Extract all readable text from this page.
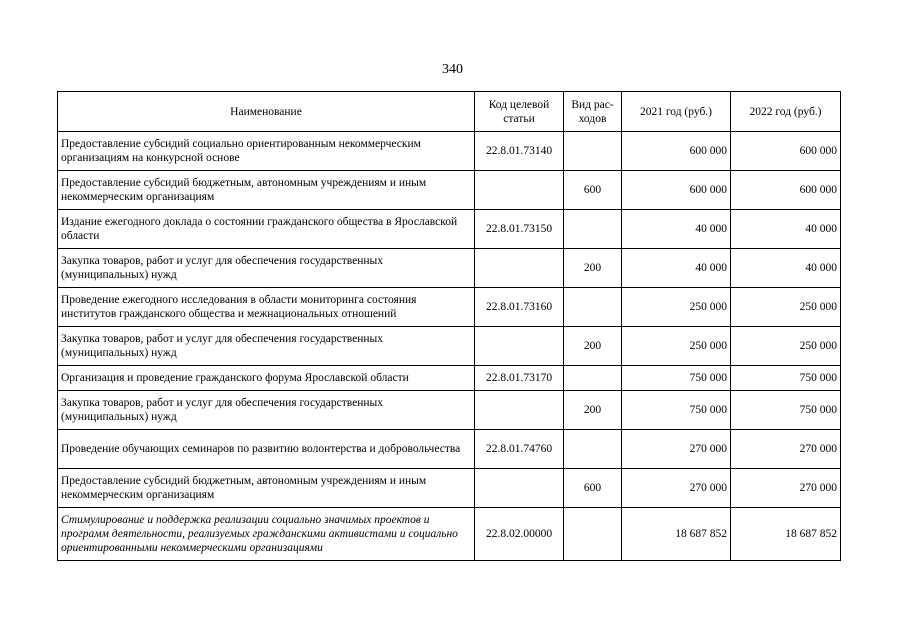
340
Наименование	Код целевой статьи	Вид рас- ходов	2021 год (руб.)	2022 год (руб.)
Предоставление субсидий социально ориентированным некоммерческим организациям на конкурсной основе	22.8.01.73140		600 000	600 000
Предоставление субсидий бюджетным, автономным учреждениям и иным некоммерческим организациям		600	600 000	600 000
Издание ежегодного доклада о состоянии гражданского общества в Ярославской области	22.8.01.73150		40 000	40 000
Закупка товаров, работ и услуг для обеспечения государственных (муниципальных) нужд		200	40 000	40 000
Проведение ежегодного исследования в области мониторинга состояния институтов гражданского общества и межнациональных отношений	22.8.01.73160		250 000	250 000
Закупка товаров, работ и услуг для обеспечения государственных (муниципальных) нужд		200	250 000	250 000
Организация и проведение гражданского форума Ярославской области	22.8.01.73170		750 000	750 000
Закупка товаров, работ и услуг для обеспечения государственных (муниципальных) нужд		200	750 000	750 000
Проведение обучающих семинаров по развитию волонтерства и добровольчества	22.8.01.74760		270 000	270 000
Предоставление субсидий бюджетным, автономным учреждениям и иным некоммерческим организациям		600	270 000	270 000
Стимулирование и поддержка реализации социально значимых проектов и программ деятельности, реализуемых гражданскими активистами и социально ориентированными некоммерческими организациями	22.8.02.00000		18 687 852	18 687 852
